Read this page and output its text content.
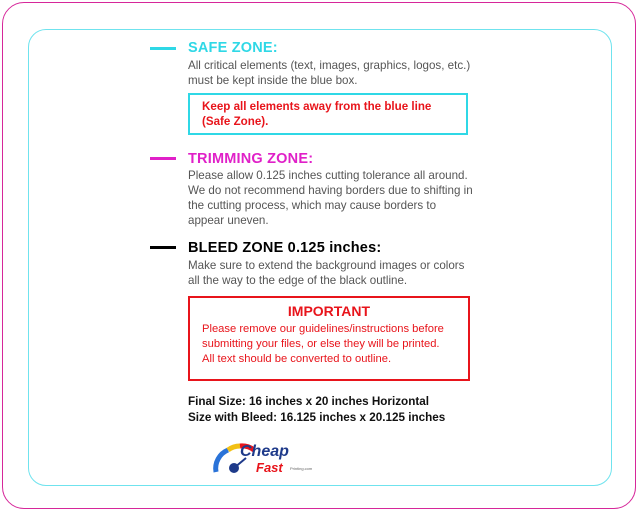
SAFE ZONE:
All critical elements (text, images, graphics, logos, etc.)
must be kept inside the blue box.
Keep all elements away from the blue line
(Safe Zone).
TRIMMING ZONE:
Please allow 0.125 inches cutting tolerance all around.
We do not recommend having borders due to shifting in
the cutting process, which may cause borders to
appear uneven.
BLEED ZONE 0.125 inches:
Make sure to extend the background images or colors
all the way to the edge of the black outline.
IMPORTANT
Please remove our guidelines/instructions before
submitting your files, or else they will be printed.
All text should be converted to outline.
Final Size: 16 inches x 20 inches Horizontal
Size with Bleed: 16.125 inches x 20.125 inches
Cheap
Fast Printing.com
